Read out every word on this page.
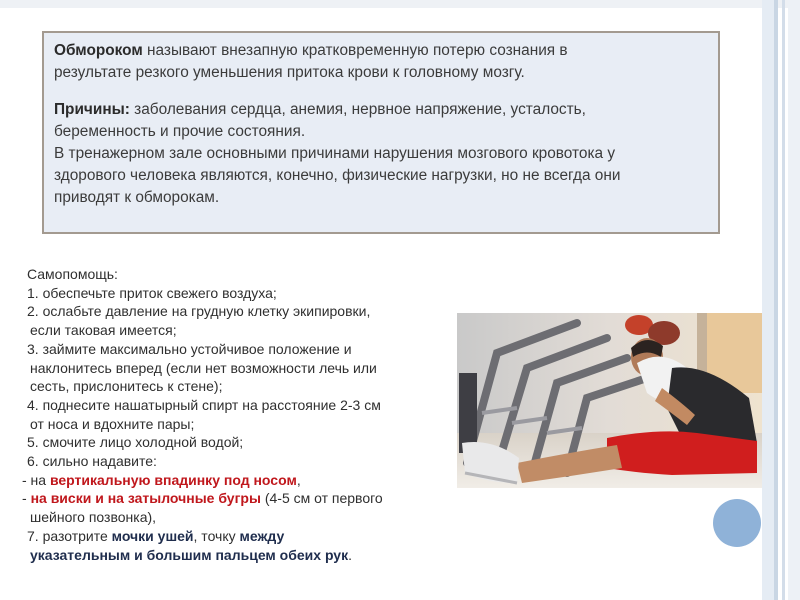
Обмороком называют внезапную кратковременную потерю сознания в

результате резкого уменьшения притока крови к головному мозгу.

Причины: заболевания сердца, анемия, нервное напряжение, усталость,

беременность и прочие состояния.

В тренажерном зале основными причинами нарушения мозгового кровотока у

здорового человека являются, конечно, физические нагрузки, но не всегда они

приводят к обморокам.

Самопомощь:
1. обеспечьте приток свежего воздуха;
2. ослабьте давление на грудную клетку экипировки,
если таковая имеется;
3. займите максимально устойчивое положение и
наклонитесь вперед (если нет возможности лечь или
сесть, прислонитесь к стене);
4. поднесите нашатырный спирт на расстояние 2-3 см
от носа и вдохните пары;
5. смочите лицо холодной водой;
6. сильно надавите:
- на вертикальную впадинку под носом,
- на виски и на затылочные бугры (4-5 см от первого
шейного позвонка),
7. разотрите мочки ушей, точку между
указательным и большим пальцем обеих рук.
